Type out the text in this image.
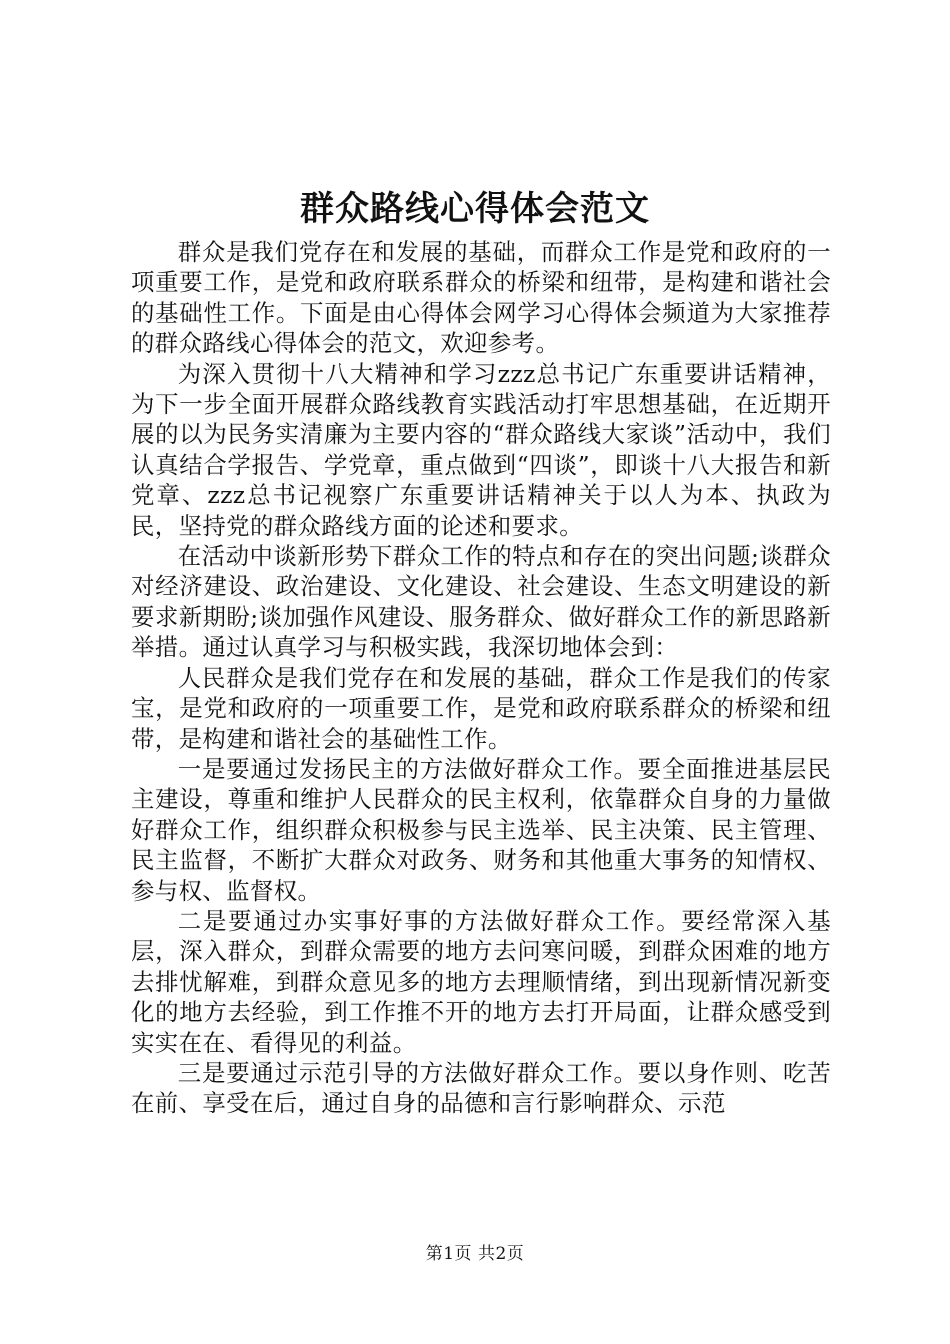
群众路线心得体会范文

群众是我们党存在和发展的基础，而群众工作是党和政府的一项重要工作，是党和政府联系群众的桥梁和纽带，是构建和谐社会的基础性工作。下面是由心得体会网学习心得体会频道为大家推荐的群众路线心得体会的范文，欢迎参考。

为深入贯彻十八大精神和学习zzz总书记广东重要讲话精神，为下一步全面开展群众路线教育实践活动打牢思想基础，在近期开展的以为民务实清廉为主要内容的“群众路线大家谈”活动中，我们认真结合学报告、学党章，重点做到“四谈”，即谈十八大报告和新党章、zzz总书记视察广东重要讲话精神关于以人为本、执政为民，坚持党的群众路线方面的论述和要求。

在活动中谈新形势下群众工作的特点和存在的突出问题;谈群众对经济建设、政治建设、文化建设、社会建设、生态文明建设的新要求新期盼;谈加强作风建设、服务群众、做好群众工作的新思路新举措。通过认真学习与积极实践，我深切地体会到：

人民群众是我们党存在和发展的基础，群众工作是我们的传家宝，是党和政府的一项重要工作，是党和政府联系群众的桥梁和纽带，是构建和谐社会的基础性工作。

一是要通过发扬民主的方法做好群众工作。要全面推进基层民主建设，尊重和维护人民群众的民主权利，依靠群众自身的力量做好群众工作，组织群众积极参与民主选举、民主决策、民主管理、民主监督，不断扩大群众对政务、财务和其他重大事务的知情权、参与权、监督权。

二是要通过办实事好事的方法做好群众工作。要经常深入基层，深入群众，到群众需要的地方去问寒问暖，到群众困难的地方去排忧解难，到群众意见多的地方去理顺情绪，到出现新情况新变化的地方去经验，到工作推不开的地方去打开局面，让群众感受到实实在在、看得见的利益。

三是要通过示范引导的方法做好群众工作。要以身作则、吃苦在前、享受在后，通过自身的品德和言行影响群众、示范

第1页 共2页
